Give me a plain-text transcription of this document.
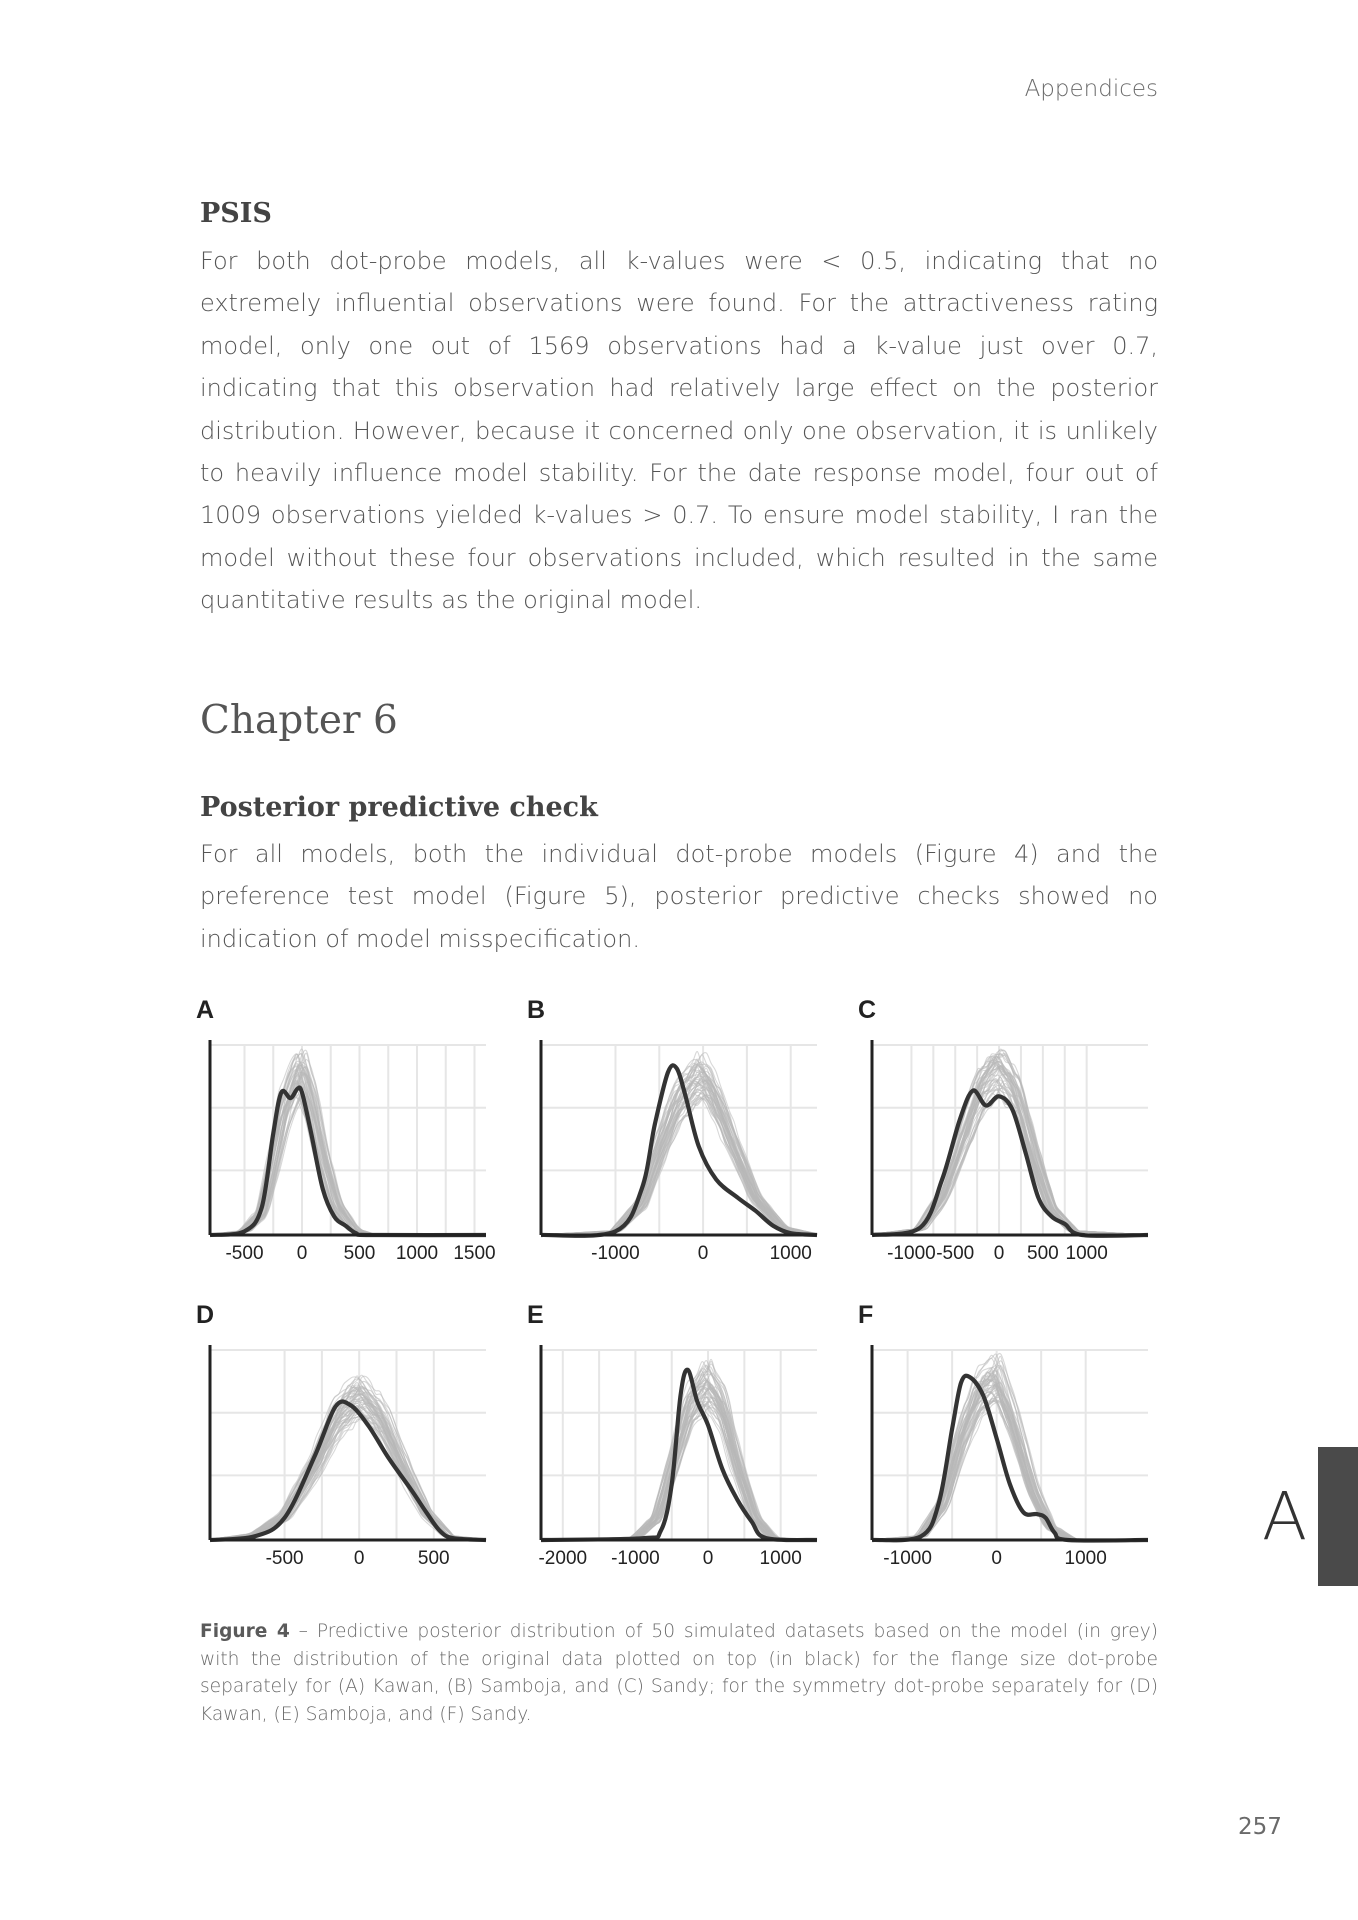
Appendices
PSIS

For both dot-probe models, all k-values were < 0.5, indicating that no extremely influential observations were found. For the attractiveness rating model, only one out of 1569 observations had a k-value just over 0.7, indicating that this observation had relatively large effect on the posterior distribution. However, because it concerned only one observation, it is unlikely to heavily influence model stability. For the date response model, four out of 1009 observations yielded k-values > 0.7. To ensure model stability, I ran the model without these four observations included, which resulted in the same quantitative results as the original model.

Chapter 6
Posterior predictive check

For all models, both the individual dot-probe models (Figure 4) and the preference test model (Figure 5), posterior predictive checks showed no indication of model misspecification.

A
-500 0 500 1000 1500
B
-1000	0	1000
C
-1000 -500 0 500 1000
D
-500	0	500
E
-2000 -1000 0 1000
F
-1000	0	1000

Figure 4 – Predictive posterior distribution of 50 simulated datasets based on the model (in grey) with the distribution of the original data plotted on top (in black) for the flange size dot-probe separately for (A) Kawan, (B) Samboja, and (C) Sandy; for the symmetry dot-probe separately for (D) Kawan, (E) Samboja, and (F) Sandy.

A
257
